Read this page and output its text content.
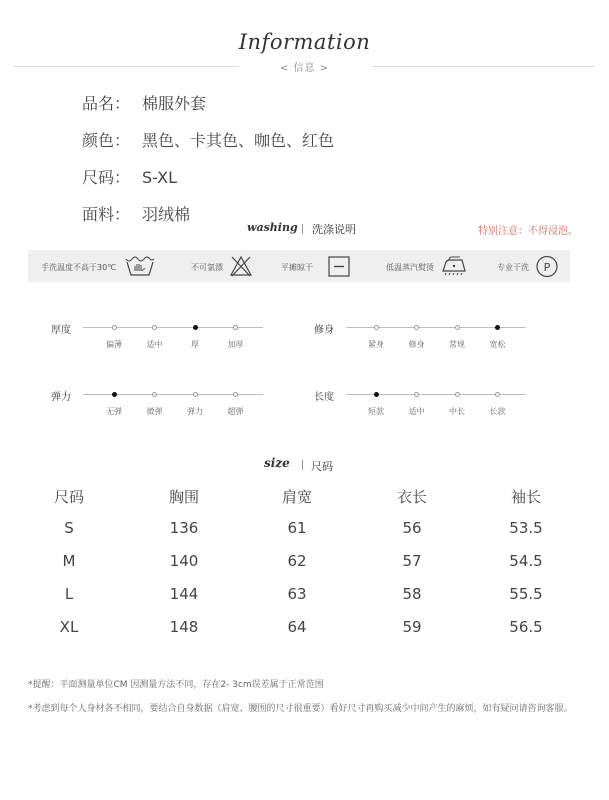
Information
< 信息 >
品名： 棉服外套
颜色： 黑色、卡其色、咖色、红色
尺码： S-XL
面料： 羽绒棉
washing 洗涤说明	特别注意：不得浸泡。
手洗温度不高于30℃	不可氯漂	平摊晾干	低温蒸汽熨烫	专业干洗 P
厚度	修身
弹力	长度
偏薄	适中	厚	加厚	紧身	修身	常规	宽松
无弹	微弹	弹力	超弹	短款	适中	中长	长款
size 尺码
尺码	胸围	肩宽	衣长	袖长
S	136	61	56	53.5
M	140	62	57	54.5
L	144	63	58	55.5
XL	148	64	59	56.5
*提醒：平面测量单位CM 因测量方法不同，存在2- 3cm误差属于正常范围
*考虑到每个人身材各不相同，要结合自身数据（肩宽、腰围的尺寸很重要）看好尺寸再购买减少中间产生的麻烦，如有疑问请咨询客服。
